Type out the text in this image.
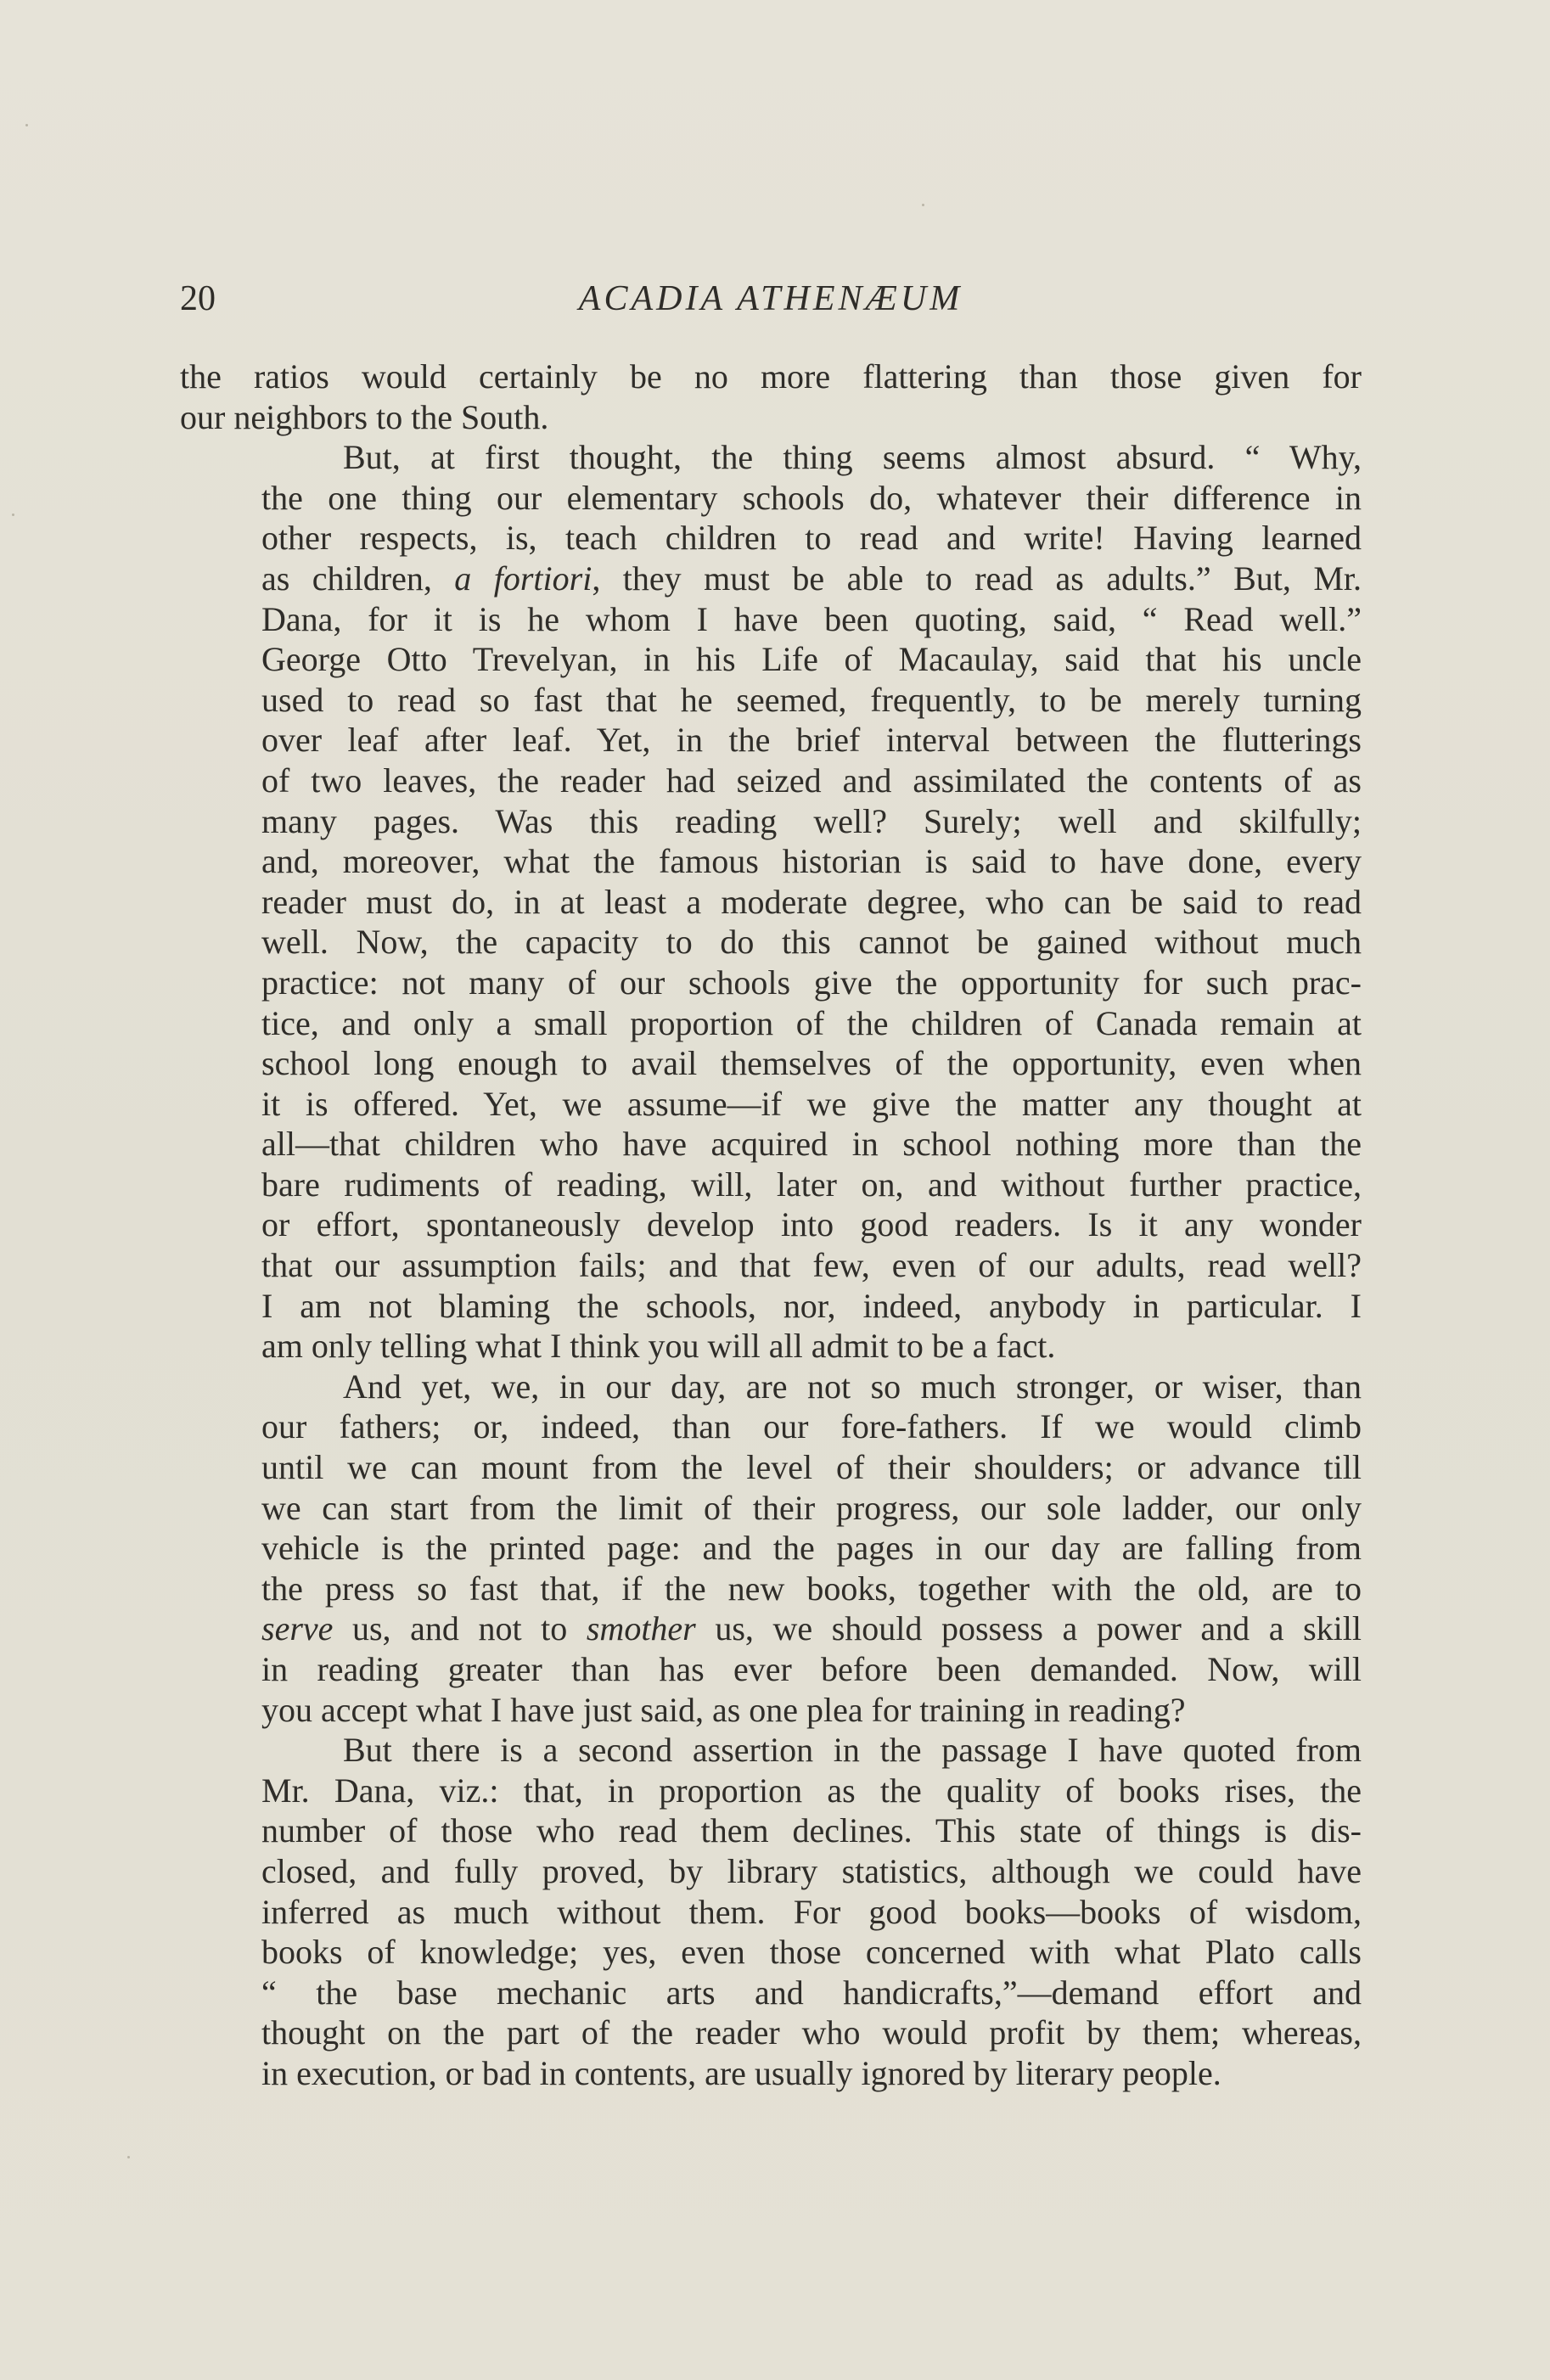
20	ACADIA ATHENÆUM

the ratios would certainly be no more flattering than those given for
our neighbors to the South.

But, at first thought, the thing seems almost absurd. “ Why,
the one thing our elementary schools do, whatever their difference in
other respects, is, teach children to read and write! Having learned
as children, a fortiori, they must be able to read as adults.” But, Mr.
Dana, for it is he whom I have been quoting, said, “ Read well.”
George Otto Trevelyan, in his Life of Macaulay, said that his uncle
used to read so fast that he seemed, frequently, to be merely turning
over leaf after leaf. Yet, in the brief interval between the flutterings
of two leaves, the reader had seized and assimilated the contents of as
many pages. Was this reading well? Surely; well and skilfully;
and, moreover, what the famous historian is said to have done, every
reader must do, in at least a moderate degree, who can be said to read
well. Now, the capacity to do this cannot be gained without much
practice: not many of our schools give the opportunity for such prac-
tice, and only a small proportion of the children of Canada remain at
school long enough to avail themselves of the opportunity, even when
it is offered. Yet, we assume—if we give the matter any thought at
all—that children who have acquired in school nothing more than the
bare rudiments of reading, will, later on, and without further practice,
or effort, spontaneously develop into good readers. Is it any wonder
that our assumption fails; and that few, even of our adults, read well?
I am not blaming the schools, nor, indeed, anybody in particular. I
am only telling what I think you will all admit to be a fact.

And yet, we, in our day, are not so much stronger, or wiser, than
our fathers; or, indeed, than our fore-fathers. If we would climb
until we can mount from the level of their shoulders; or advance till
we can start from the limit of their progress, our sole ladder, our only
vehicle is the printed page: and the pages in our day are falling from
the press so fast that, if the new books, together with the old, are to
serve us, and not to smother us, we should possess a power and a skill
in reading greater than has ever before been demanded. Now, will
you accept what I have just said, as one plea for training in reading?

But there is a second assertion in the passage I have quoted from
Mr. Dana, viz.: that, in proportion as the quality of books rises, the
number of those who read them declines. This state of things is dis-
closed, and fully proved, by library statistics, although we could have
inferred as much without them. For good books—books of wisdom,
books of knowledge; yes, even those concerned with what Plato calls
“ the base mechanic arts and handicrafts,”—demand effort and
thought on the part of the reader who would profit by them; whereas,
in execution, or bad in contents, are usually ignored by literary people.
